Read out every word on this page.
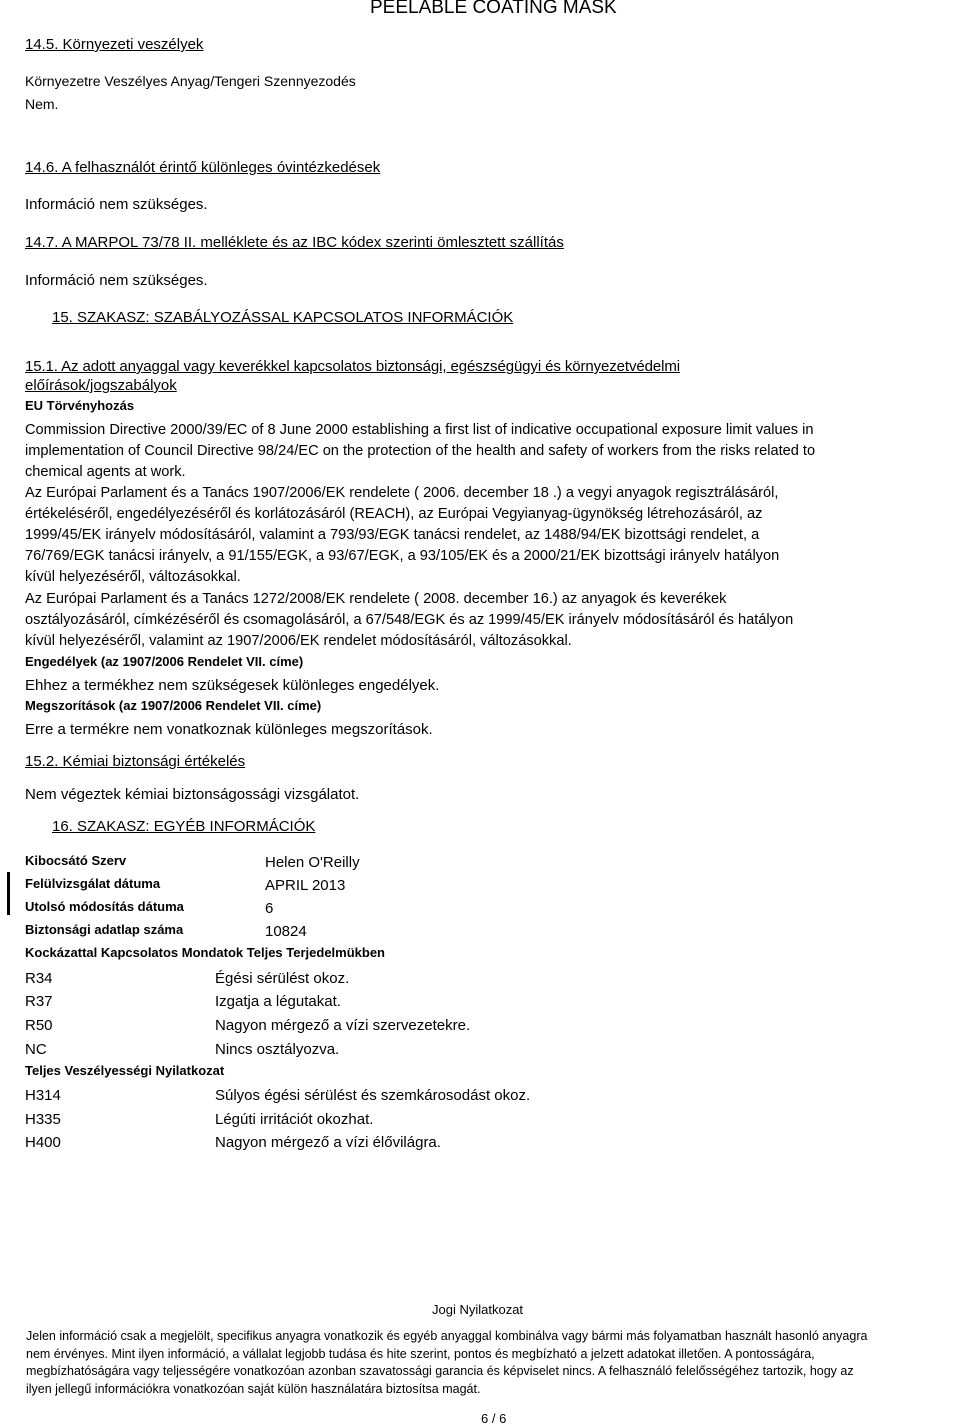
PEELABLE COATING MASK
14.5. Környezeti veszélyek
Környezetre Veszélyes Anyag/Tengeri Szennyezodés
Nem.
14.6. A felhasználót érintő különleges óvintézkedések
Információ nem szükséges.
14.7. A MARPOL 73/78 II. melléklete és az IBC kódex szerinti ömlesztett szállítás
Információ nem szükséges.
15. SZAKASZ: SZABÁLYOZÁSSAL KAPCSOLATOS INFORMÁCIÓK
15.1. Az adott anyaggal vagy keverékkel kapcsolatos biztonsági, egészségügyi és környezetvédelmi
előírások/jogszabályok
EU Törvényhozás
Commission Directive 2000/39/EC of 8 June 2000 establishing a first list of indicative occupational exposure limit values in
implementation of Council Directive 98/24/EC on the protection of the health and safety of workers from the risks related to
chemical agents at work.
Az Európai Parlament és a Tanács 1907/2006/EK rendelete ( 2006. december 18 .) a vegyi anyagok regisztrálásáról,
értékeléséről, engedélyezéséről és korlátozásáról (REACH), az Európai Vegyianyag-ügynökség létrehozásáról, az
1999/45/EK irányelv módosításáról, valamint a 793/93/EGK tanácsi rendelet, az 1488/94/EK bizottsági rendelet, a
76/769/EGK tanácsi irányelv, a 91/155/EGK, a 93/67/EGK, a 93/105/EK és a 2000/21/EK bizottsági irányelv hatályon
kívül helyezéséről, változásokkal.
Az Európai Parlament és a Tanács 1272/2008/EK rendelete ( 2008. december 16.) az anyagok és keverékek
osztályozásáról, címkézéséről és csomagolásáról, a 67/548/EGK és az 1999/45/EK irányelv módosításáról és hatályon
kívül helyezéséről, valamint az 1907/2006/EK rendelet módosításáról, változásokkal.
Engedélyek (az 1907/2006 Rendelet VII. címe)
Ehhez a termékhez nem szükségesek különleges engedélyek.
Megszorítások (az 1907/2006 Rendelet VII. címe)
Erre a termékre nem vonatkoznak különleges megszorítások.
15.2. Kémiai biztonsági értékelés
Nem végeztek kémiai biztonságossági vizsgálatot.
16. SZAKASZ: EGYÉB INFORMÁCIÓK
Kibocsátó Szerv	Helen O'Reilly
Felülvizsgálat dátuma	APRIL 2013
Utolsó módosítás dátuma	6
Biztonsági adatlap száma	10824
Kockázattal Kapcsolatos Mondatok Teljes Terjedelmükben
R34	Égési sérülést okoz.
R37	Izgatja a légutakat.
R50	Nagyon mérgező a vízi szervezetekre.
NC	Nincs osztályozva.
Teljes Veszélyességi Nyilatkozat
H314	Súlyos égési sérülést és szemkárosodást okoz.
H335	Légúti irritációt okozhat.
H400	Nagyon mérgező a vízi élővilágra.
Jogi Nyilatkozat
Jelen információ csak a megjelölt, specifikus anyagra vonatkozik és egyéb anyaggal kombinálva vagy bármi más folyamatban használt hasonló anyagra
nem érvényes. Mint ilyen információ, a vállalat legjobb tudása és hite szerint, pontos és megbízható a jelzett adatokat illetően. A pontosságára,
megbízhatóságára vagy teljességére vonatkozóan azonban szavatossági garancia és képviselet nincs. A felhasználó felelősségéhez tartozik, hogy az
ilyen jellegű információkra vonatkozóan saját külön használatára biztosítsa magát.
6 / 6
